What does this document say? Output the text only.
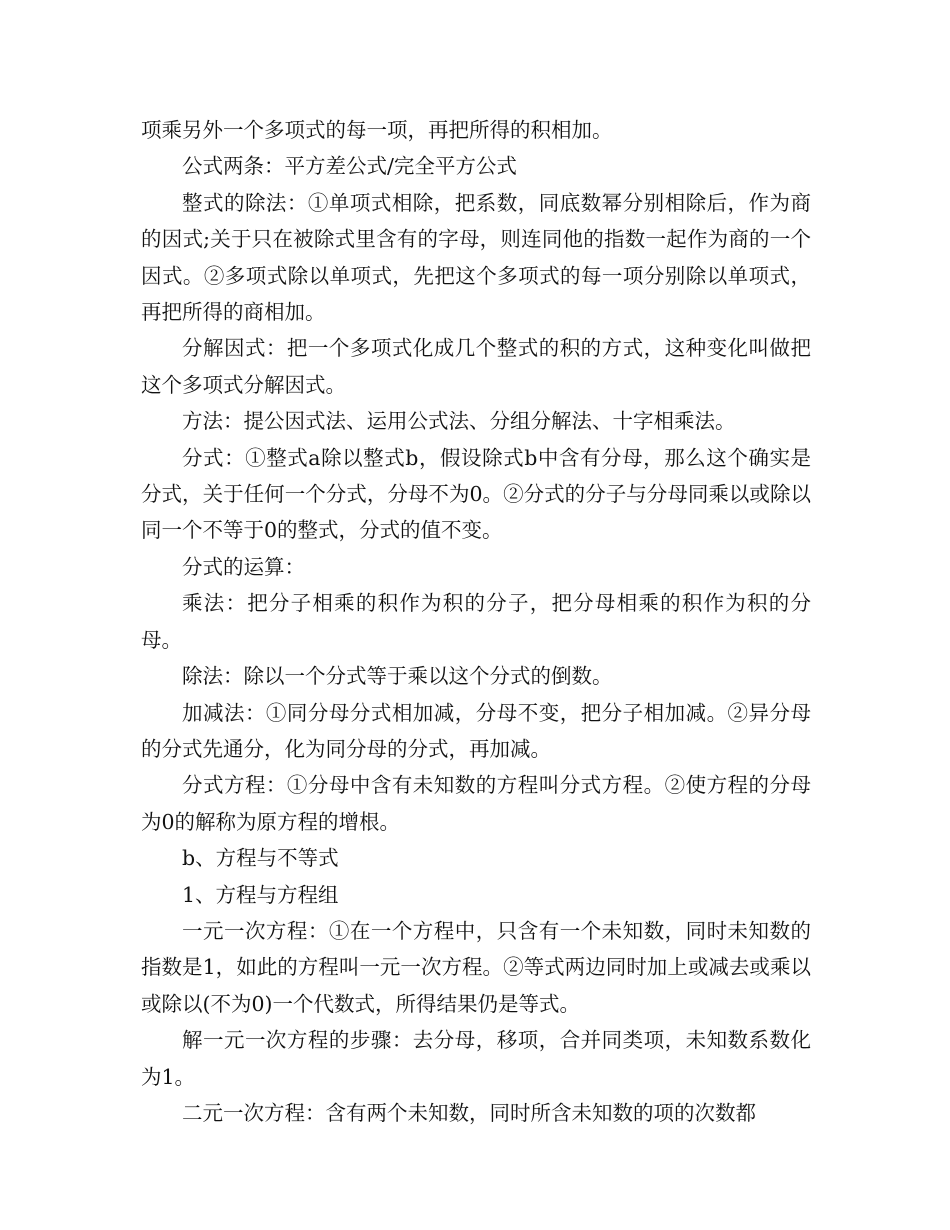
项乘另外一个多项式的每一项，再把所得的积相加。

公式两条：平方差公式/完全平方公式

整式的除法：①单项式相除，把系数，同底数幂分别相除后，作为商的因式;关于只在被除式里含有的字母，则连同他的指数一起作为商的一个因式。②多项式除以单项式，先把这个多项式的每一项分别除以单项式，再把所得的商相加。

分解因式：把一个多项式化成几个整式的积的方式，这种变化叫做把这个多项式分解因式。

方法：提公因式法、运用公式法、分组分解法、十字相乘法。

分式：①整式a除以整式b，假设除式b中含有分母，那么这个确实是分式，关于任何一个分式，分母不为0。②分式的分子与分母同乘以或除以同一个不等于0的整式，分式的值不变。

分式的运算：

乘法：把分子相乘的积作为积的分子，把分母相乘的积作为积的分母。

除法：除以一个分式等于乘以这个分式的倒数。

加减法：①同分母分式相加减，分母不变，把分子相加减。②异分母的分式先通分，化为同分母的分式，再加减。

分式方程：①分母中含有未知数的方程叫分式方程。②使方程的分母为0的解称为原方程的增根。

b、方程与不等式

1、方程与方程组

一元一次方程：①在一个方程中，只含有一个未知数，同时未知数的指数是1，如此的方程叫一元一次方程。②等式两边同时加上或减去或乘以或除以(不为0)一个代数式，所得结果仍是等式。

解一元一次方程的步骤：去分母，移项，合并同类项，未知数系数化为1。

二元一次方程：含有两个未知数，同时所含未知数的项的次数都
